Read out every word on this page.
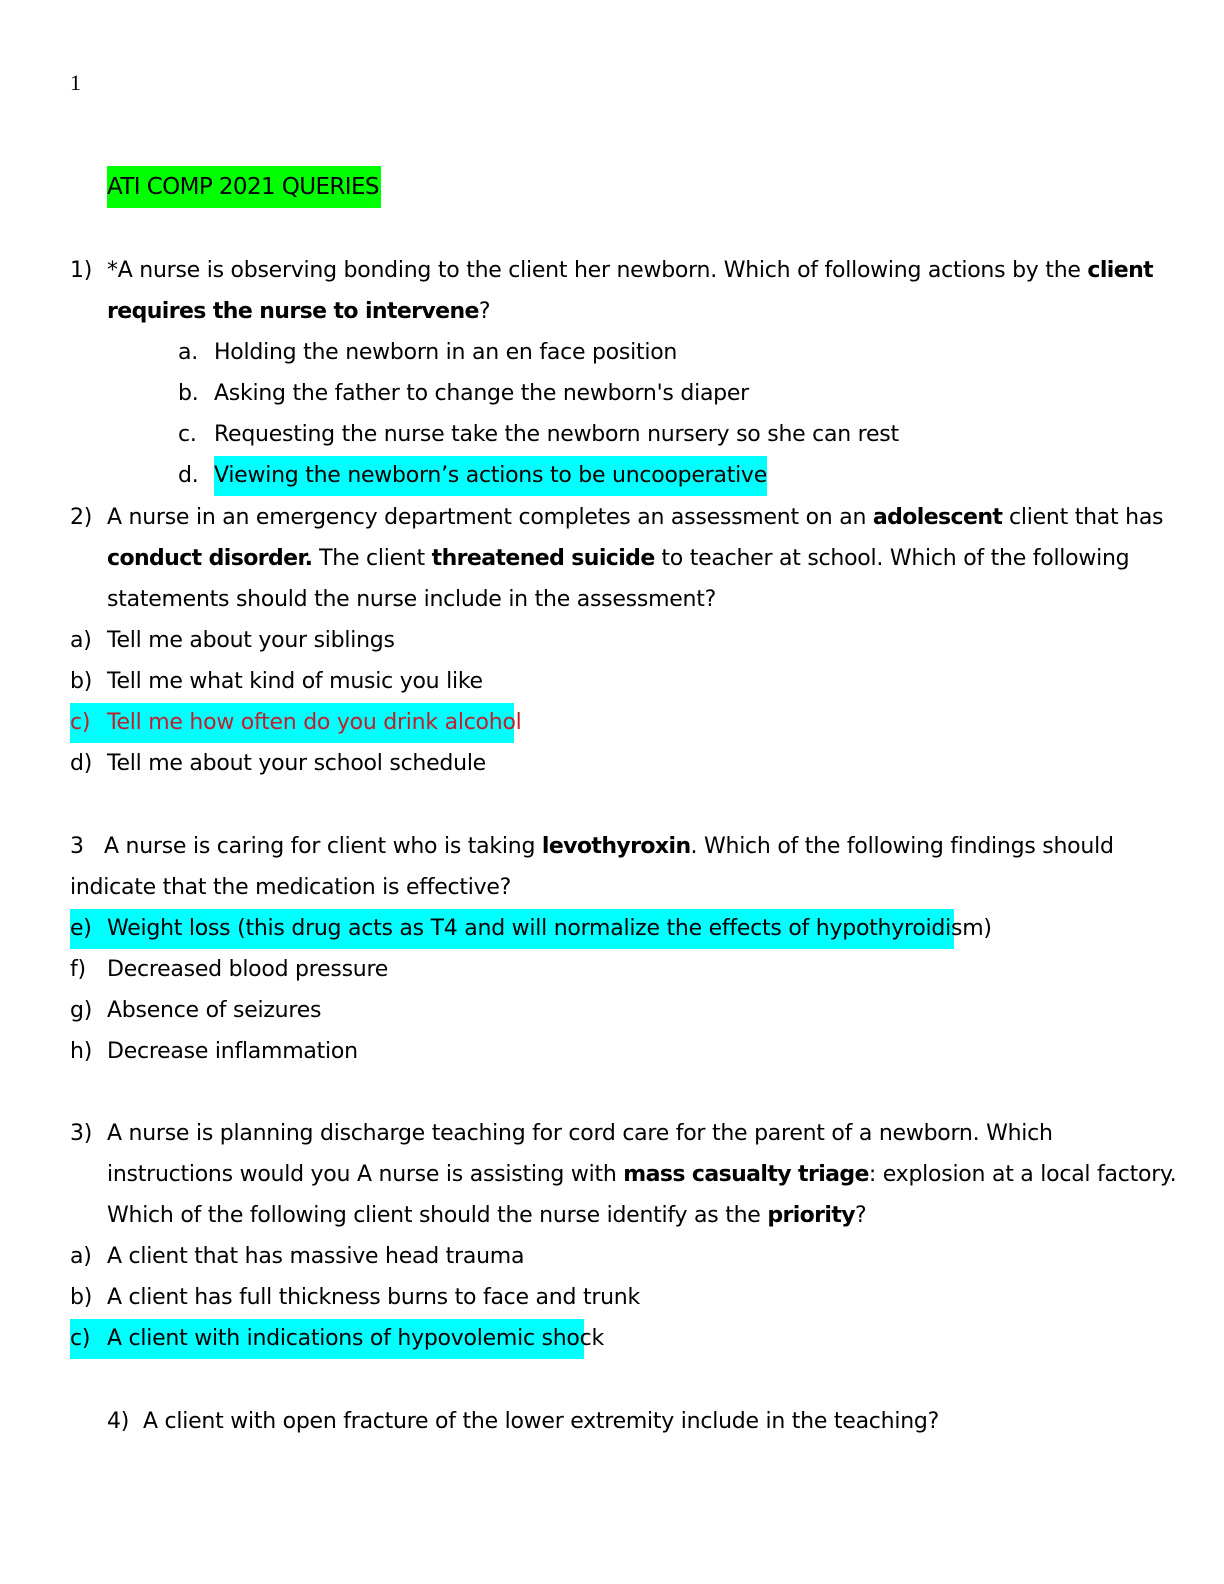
1
ATI COMP 2021 QUERIES
1) *A nurse is observing bonding to the client her newborn. Which of following actions by the client
requires the nurse to intervene?
a. Holding the newborn in an en face position
b. Asking the father to change the newborn's diaper
c. Requesting the nurse take the newborn nursery so she can rest
d. Viewing the newborn’s actions to be uncooperative
2) A nurse in an emergency department completes an assessment on an adolescent client that has
conduct disorder. The client threatened suicide to teacher at school. Which of the following
statements should the nurse include in the assessment?
a) Tell me about your siblings
b) Tell me what kind of music you like
c) Tell me how often do you drink alcohol
d) Tell me about your school schedule
3 A nurse is caring for client who is taking levothyroxin. Which of the following findings should
indicate that the medication is effective?
e) Weight loss (this drug acts as T4 and will normalize the effects of hypothyroidism)
f) Decreased blood pressure
g) Absence of seizures
h) Decrease inflammation
3) A nurse is planning discharge teaching for cord care for the parent of a newborn. Which
instructions would you A nurse is assisting with mass casualty triage: explosion at a local factory.
Which of the following client should the nurse identify as the priority?
a) A client that has massive head trauma
b) A client has full thickness burns to face and trunk
c) A client with indications of hypovolemic shock
4) A client with open fracture of the lower extremity include in the teaching?
